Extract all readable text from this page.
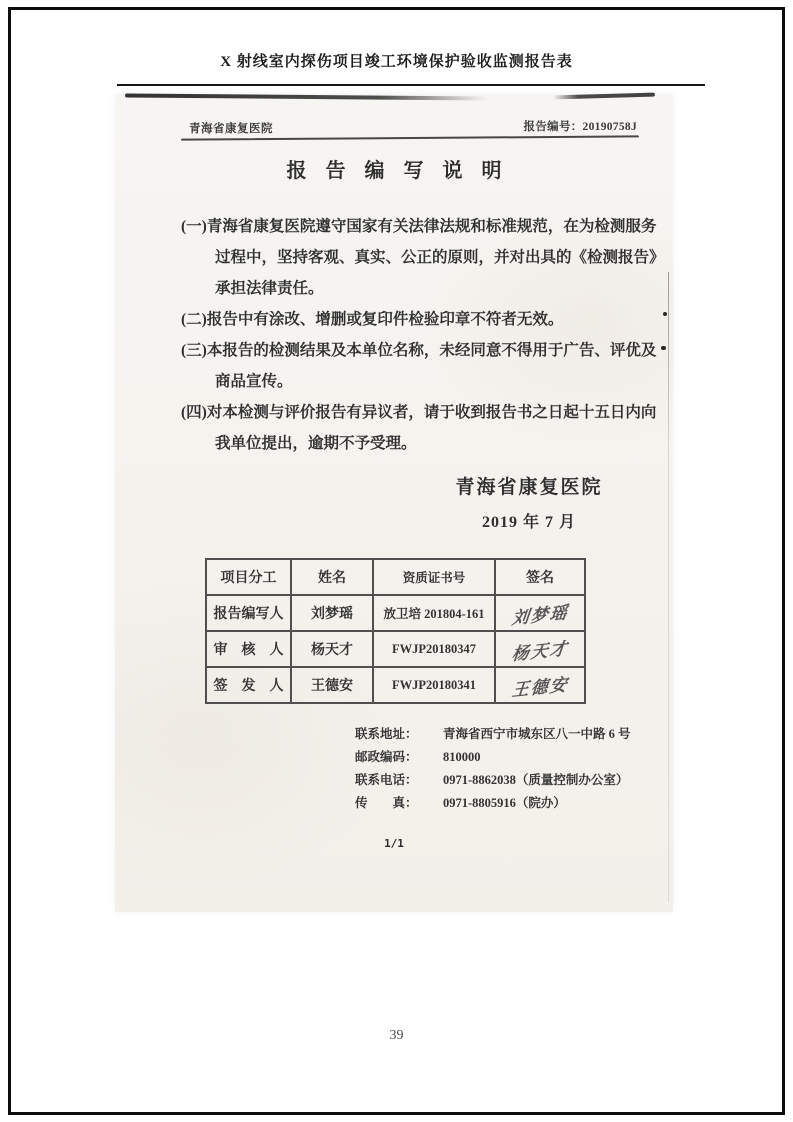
X 射线室内探伤项目竣工环境保护验收监测报告表
青海省康复医院	报告编号：20190758J
报 告 编 写 说 明

(一)青海省康复医院遵守国家有关法律法规和标准规范，在为检测服务过程中，坚持客观、真实、公正的原则，并对出具的《检测报告》承担法律责任。

(二)报告中有涂改、增删或复印件检验印章不符者无效。

(三)本报告的检测结果及本单位名称，未经同意不得用于广告、评优及商品宣传。

(四)对本检测与评价报告有异议者，请于收到报告书之日起十五日内向我单位提出，逾期不予受理。

青海省康复医院
2019 年 7 月
项目分工	姓名	资质证书号	签名
报告编写人	刘梦瑶	放卫培 201804-161	刘梦瑶
审　核　人	杨天才	FWJP20180347	杨天才
签　发　人	王德安	FWJP20180341	王德安
联系地址：	青海省西宁市城东区八一中路 6 号
邮政编码：	810000
联系电话：	0971-8862038（质量控制办公室）
传　　真：	0971-8805916（院办）
1/1
39
